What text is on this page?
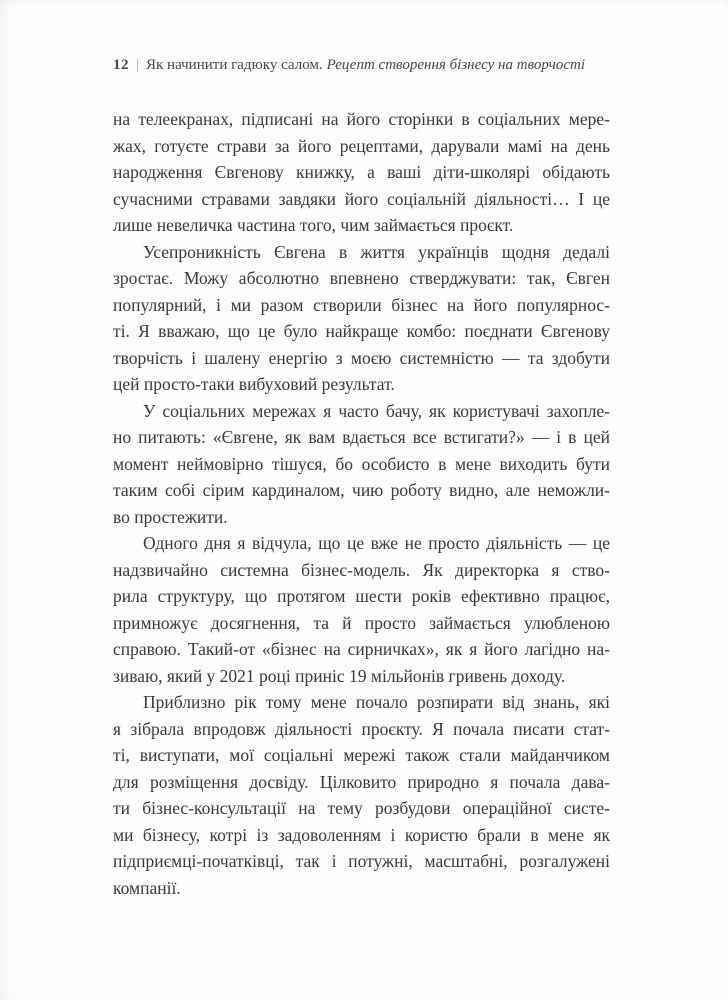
12 | Як начинити гадюку салом. Рецепт створення бізнесу на творчості
на телеекранах, підписані на його сторінки в соціальних мере-
жах, готуєте страви за його рецептами, дарували мамі на день
народження Євгенову книжку, а ваші діти-школярі обідають
сучасними стравами завдяки його соціальній діяльності… І це
лише невеличка частина того, чим займається проєкт.
Усепроникність Євгена в життя українців щодня дедалі
зростає. Можу абсолютно впевнено стверджувати: так, Євген
популярний, і ми разом створили бізнес на його популярнос-
ті. Я вважаю, що це було найкраще комбо: поєднати Євгенову
творчість і шалену енергію з моєю системністю — та здобути
цей просто-таки вибуховий результат.
У соціальних мережах я часто бачу, як користувачі захопле-
но питають: «Євгене, як вам вдається все встигати?» — і в цей
момент неймовірно тішуся, бо особисто в мене виходить бути
таким собі сірим кардиналом, чию роботу видно, але неможли-
во простежити.
Одного дня я відчула, що це вже не просто діяльність — це
надзвичайно системна бізнес-модель. Як директорка я ство-
рила структуру, що протягом шести років ефективно працює,
примножує досягнення, та й просто займається улюбленою
справою. Такий-от «бізнес на сирничках», як я його лагідно на-
зиваю, який у 2021 році приніс 19 мільйонів гривень доходу.
Приблизно рік тому мене почало розпирати від знань, які
я зібрала впродовж діяльності проєкту. Я почала писати стат-
ті, виступати, мої соціальні мережі також стали майданчиком
для розміщення досвіду. Цілковито природно я почала дава-
ти бізнес-консультації на тему розбудови операційної систе-
ми бізнесу, котрі із задоволенням і користю брали в мене як
підприємці-початківці, так і потужні, масштабні, розгалужені
компанії.
